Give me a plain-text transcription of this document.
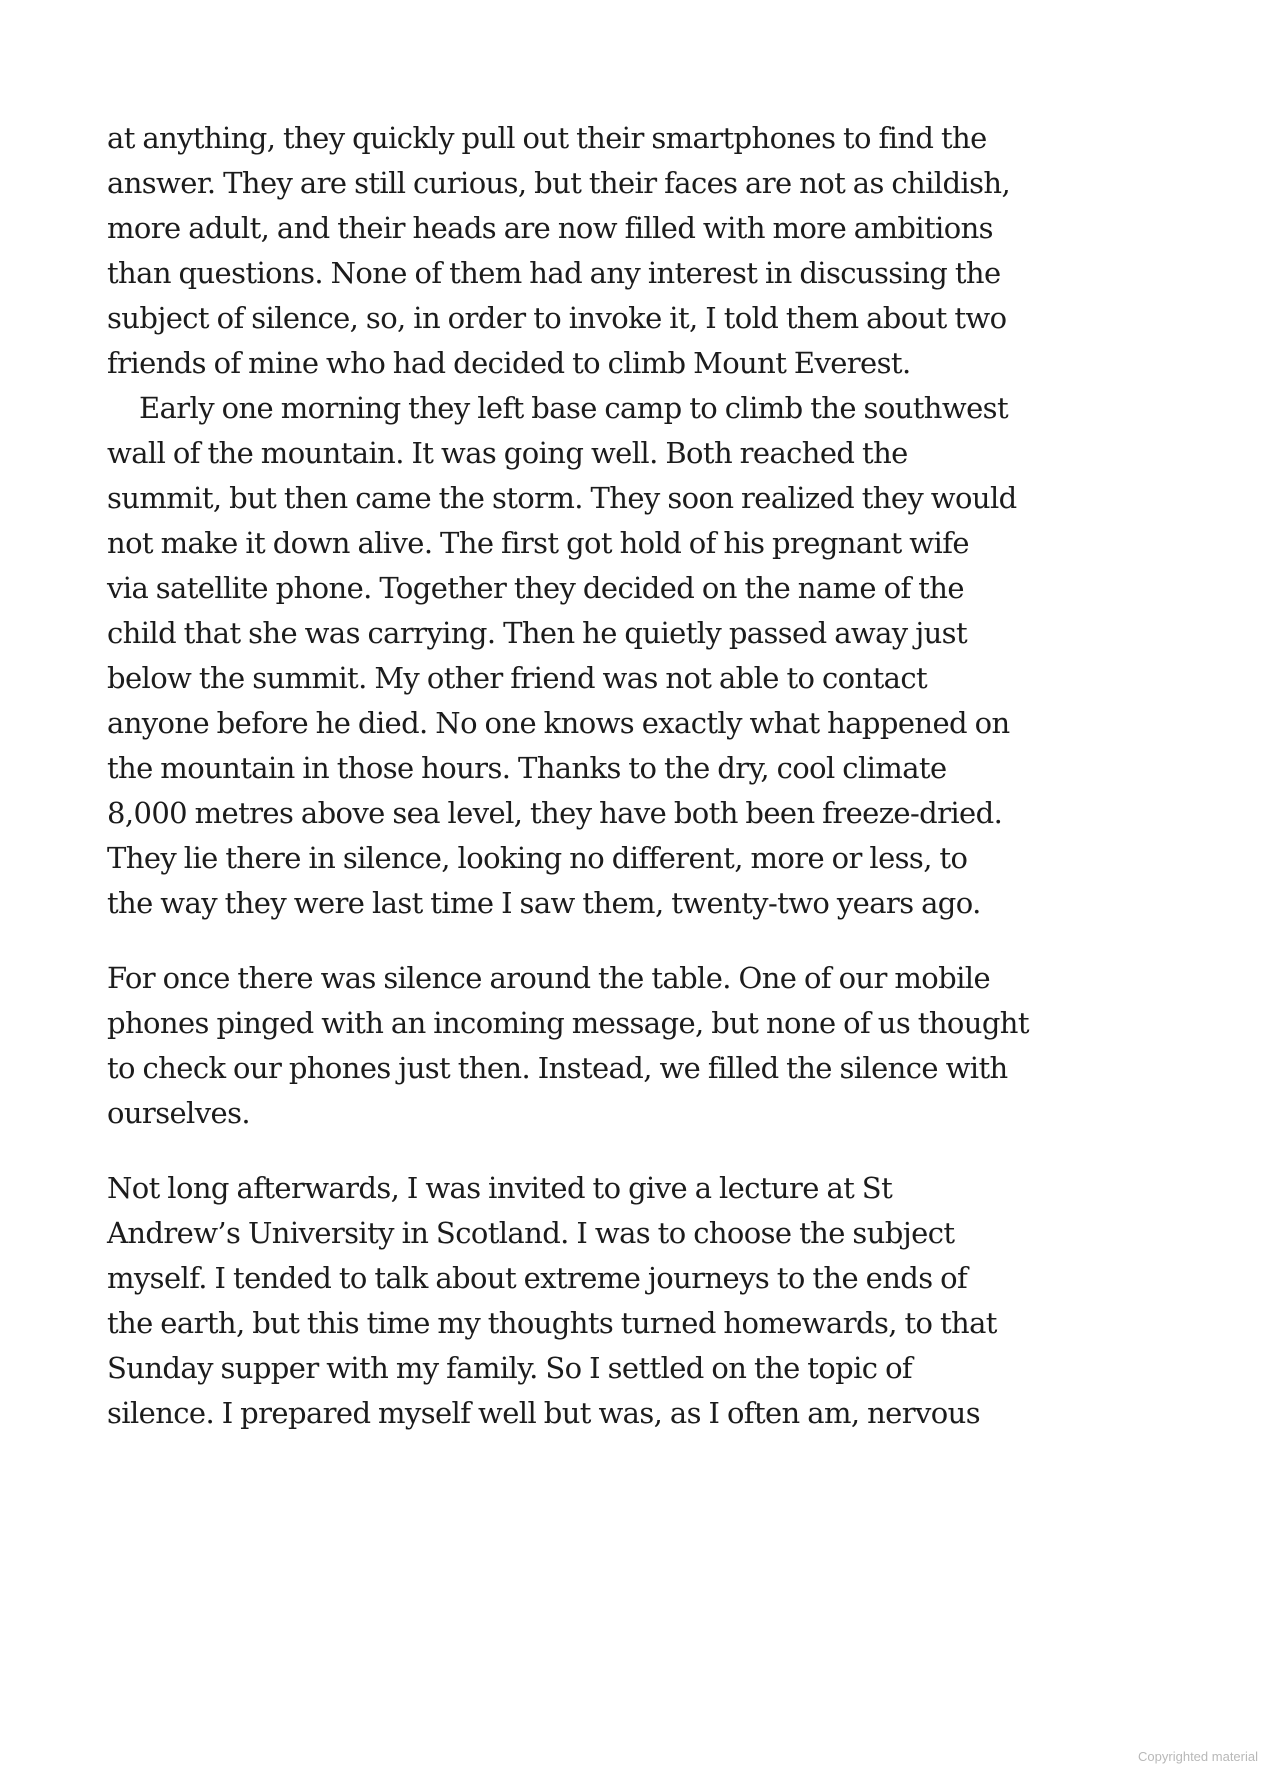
at anything, they quickly pull out their smartphones to find the
answer. They are still curious, but their faces are not as childish,
more adult, and their heads are now filled with more ambitions
than questions. None of them had any interest in discussing the
subject of silence, so, in order to invoke it, I told them about two
friends of mine who had decided to climb Mount Everest.

Early one morning they left base camp to climb the southwest
wall of the mountain. It was going well. Both reached the
summit, but then came the storm. They soon realized they would
not make it down alive. The first got hold of his pregnant wife
via satellite phone. Together they decided on the name of the
child that she was carrying. Then he quietly passed away just
below the summit. My other friend was not able to contact
anyone before he died. No one knows exactly what happened on
the mountain in those hours. Thanks to the dry, cool climate
8,000 metres above sea level, they have both been freeze-dried.
They lie there in silence, looking no different, more or less, to
the way they were last time I saw them, twenty-two years ago.

For once there was silence around the table. One of our mobile
phones pinged with an incoming message, but none of us thought
to check our phones just then. Instead, we filled the silence with
ourselves.

Not long afterwards, I was invited to give a lecture at St
Andrew’s University in Scotland. I was to choose the subject
myself. I tended to talk about extreme journeys to the ends of
the earth, but this time my thoughts turned homewards, to that
Sunday supper with my family. So I settled on the topic of
silence. I prepared myself well but was, as I often am, nervous

Copyrighted material
